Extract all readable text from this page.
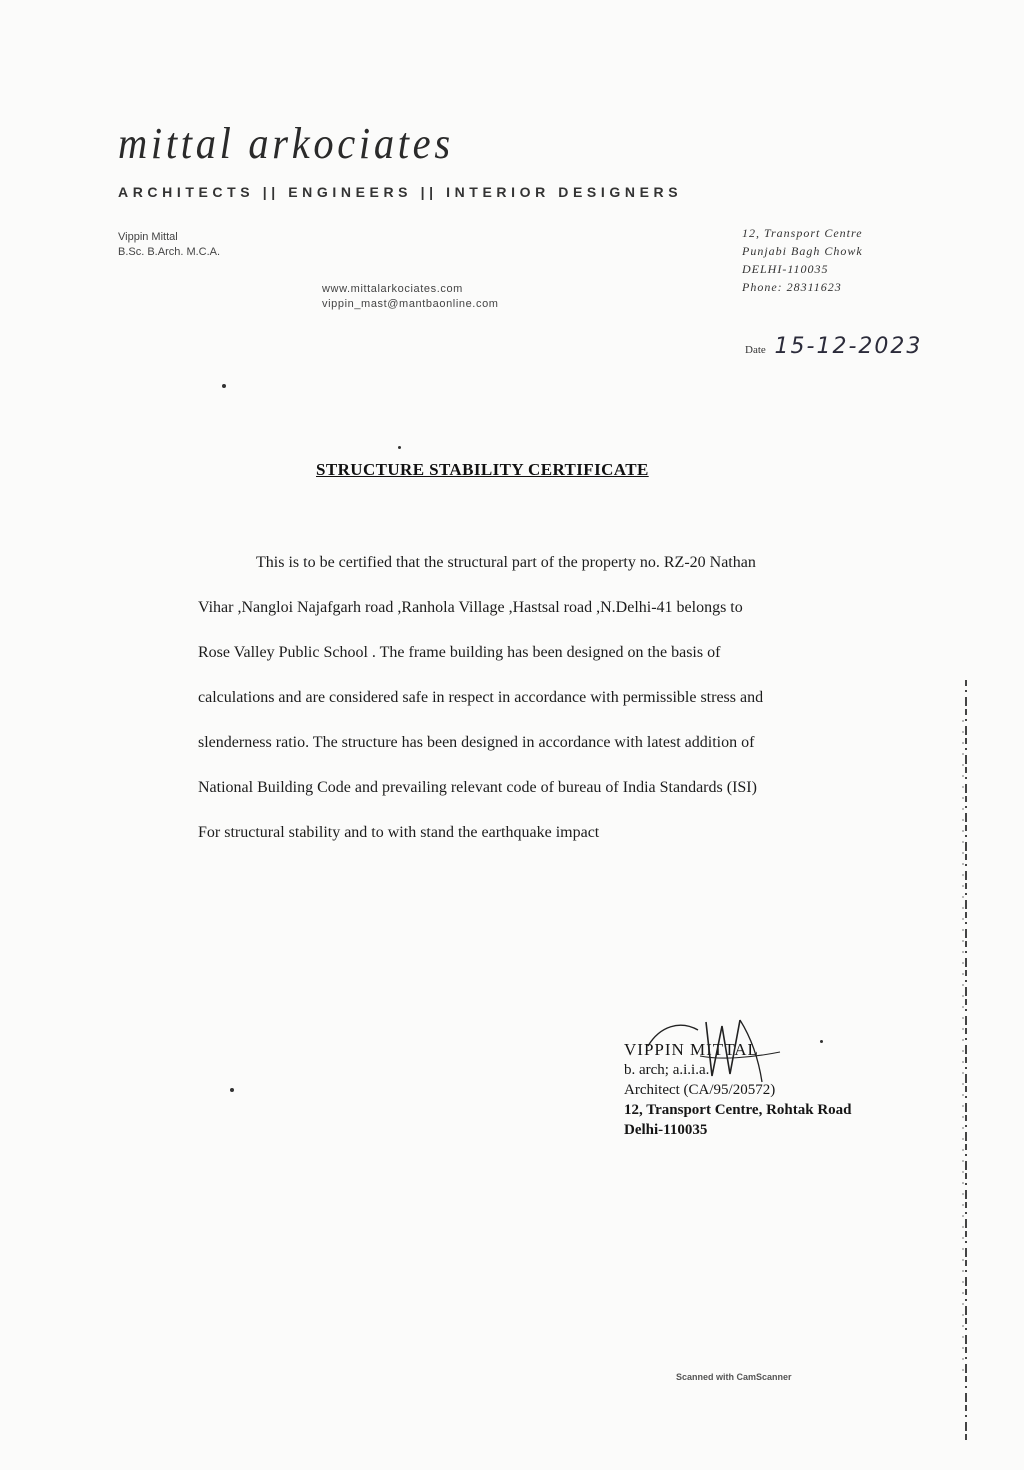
mittal arkociates
ARCHITECTS || ENGINEERS || INTERIOR DESIGNERS
Vippin Mittal
B.Sc. B.Arch. M.C.A.
www.mittalarkociates.com
vippin_mast@mantbaonline.com
12, Transport Centre
Punjabi Bagh Chowk
DELHI-110035
Phone: 28311623
Date 15-12-2023
STRUCTURE STABILITY CERTIFICATE
This is to be certified that the structural part of the property no. RZ-20 Nathan
Vihar ,Nangloi Najafgarh road ,Ranhola Village ,Hastsal road ,N.Delhi-41 belongs to
Rose Valley Public School . The frame building has been designed on the basis of
calculations and are considered safe in respect in accordance with permissible stress and
slenderness ratio. The structure has been designed in accordance with latest addition of
National Building Code and prevailing relevant code of bureau of India Standards (ISI)
For structural stability and to with stand the earthquake impact
VIPPIN MITTAL
b. arch; a.i.i.a.
Architect (CA/95/20572)
12, Transport Centre, Rohtak Road
Delhi-110035
Scanned with CamScanner
